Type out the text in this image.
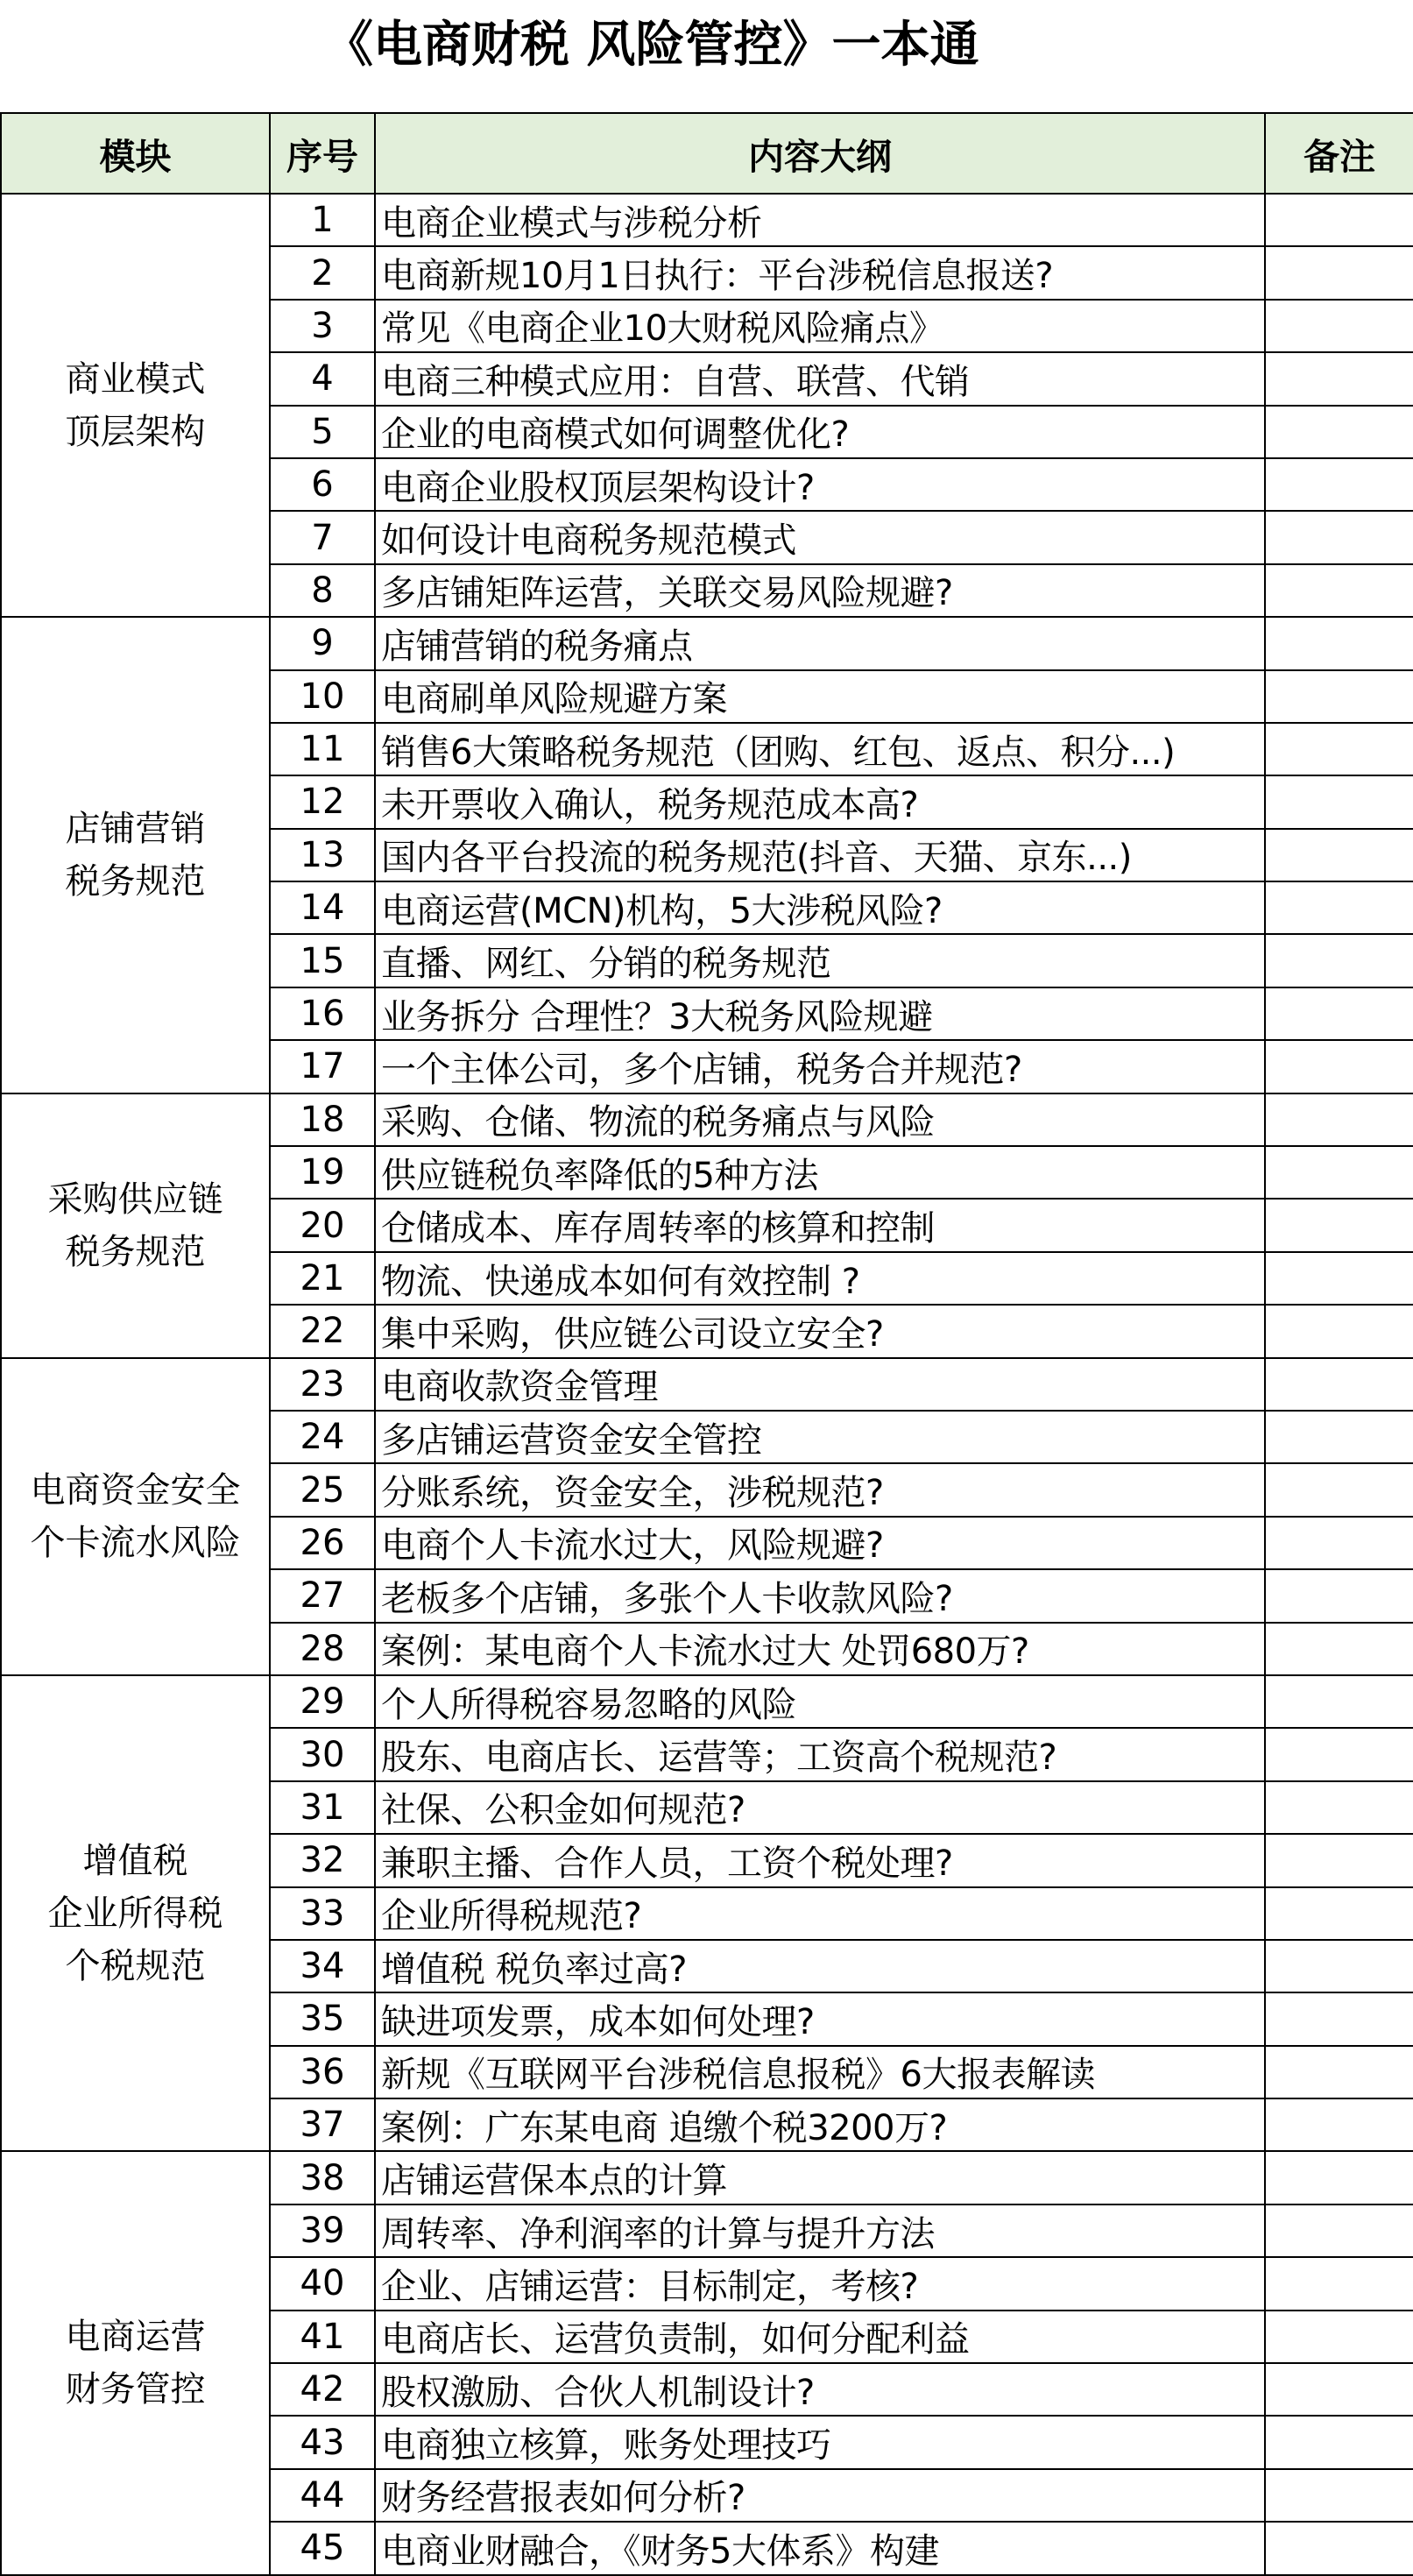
《电商财税 风险管控》一本通
模块	序号	内容大纲	备注

商业模式
顶层架构	1	电商企业模式与涉税分析	
	2	电商新规10月1日执行：平台涉税信息报送?	
	3	常见《电商企业10大财税风险痛点》	
	4	电商三种模式应用：自营、联营、代销	
	5	企业的电商模式如何调整优化?	
	6	电商企业股权顶层架构设计?	
	7	如何设计电商税务规范模式	
	8	多店铺矩阵运营，关联交易风险规避?	

店铺营销
税务规范	9	店铺营销的税务痛点	
	10	电商刷单风险规避方案	
	11	销售6大策略税务规范（团购、红包、返点、积分...)	
	12	未开票收入确认，税务规范成本高?	
	13	国内各平台投流的税务规范(抖音、天猫、京东...)	
	14	电商运营(MCN)机构，5大涉税风险?	
	15	直播、网红、分销的税务规范	
	16	业务拆分 合理性？3大税务风险规避	
	17	一个主体公司，多个店铺，税务合并规范?	

采购供应链
税务规范	18	采购、仓储、物流的税务痛点与风险	
	19	供应链税负率降低的5种方法	
	20	仓储成本、库存周转率的核算和控制	
	21	物流、快递成本如何有效控制 ?	
	22	集中采购，供应链公司设立安全?	

电商资金安全
个卡流水风险	23	电商收款资金管理	
	24	多店铺运营资金安全管控	
	25	分账系统，资金安全，涉税规范?	
	26	电商个人卡流水过大，风险规避?	
	27	老板多个店铺，多张个人卡收款风险?	
	28	案例：某电商个人卡流水过大 处罚680万?	

增值税
企业所得税
个税规范	29	个人所得税容易忽略的风险	
	30	股东、电商店长、运营等；工资高个税规范?	
	31	社保、公积金如何规范?	
	32	兼职主播、合作人员，工资个税处理?	
	33	企业所得税规范?	
	34	增值税 税负率过高?	
	35	缺进项发票，成本如何处理?	
	36	新规《互联网平台涉税信息报税》6大报表解读	
	37	案例：广东某电商 追缴个税3200万?	

电商运营
财务管控	38	店铺运营保本点的计算	
	39	周转率、净利润率的计算与提升方法	
	40	企业、店铺运营：目标制定，考核?	
	41	电商店长、运营负责制，如何分配利益	
	42	股权激励、合伙人机制设计?	
	43	电商独立核算，账务处理技巧	
	44	财务经营报表如何分析?	
	45	电商业财融合，《财务5大体系》构建	
